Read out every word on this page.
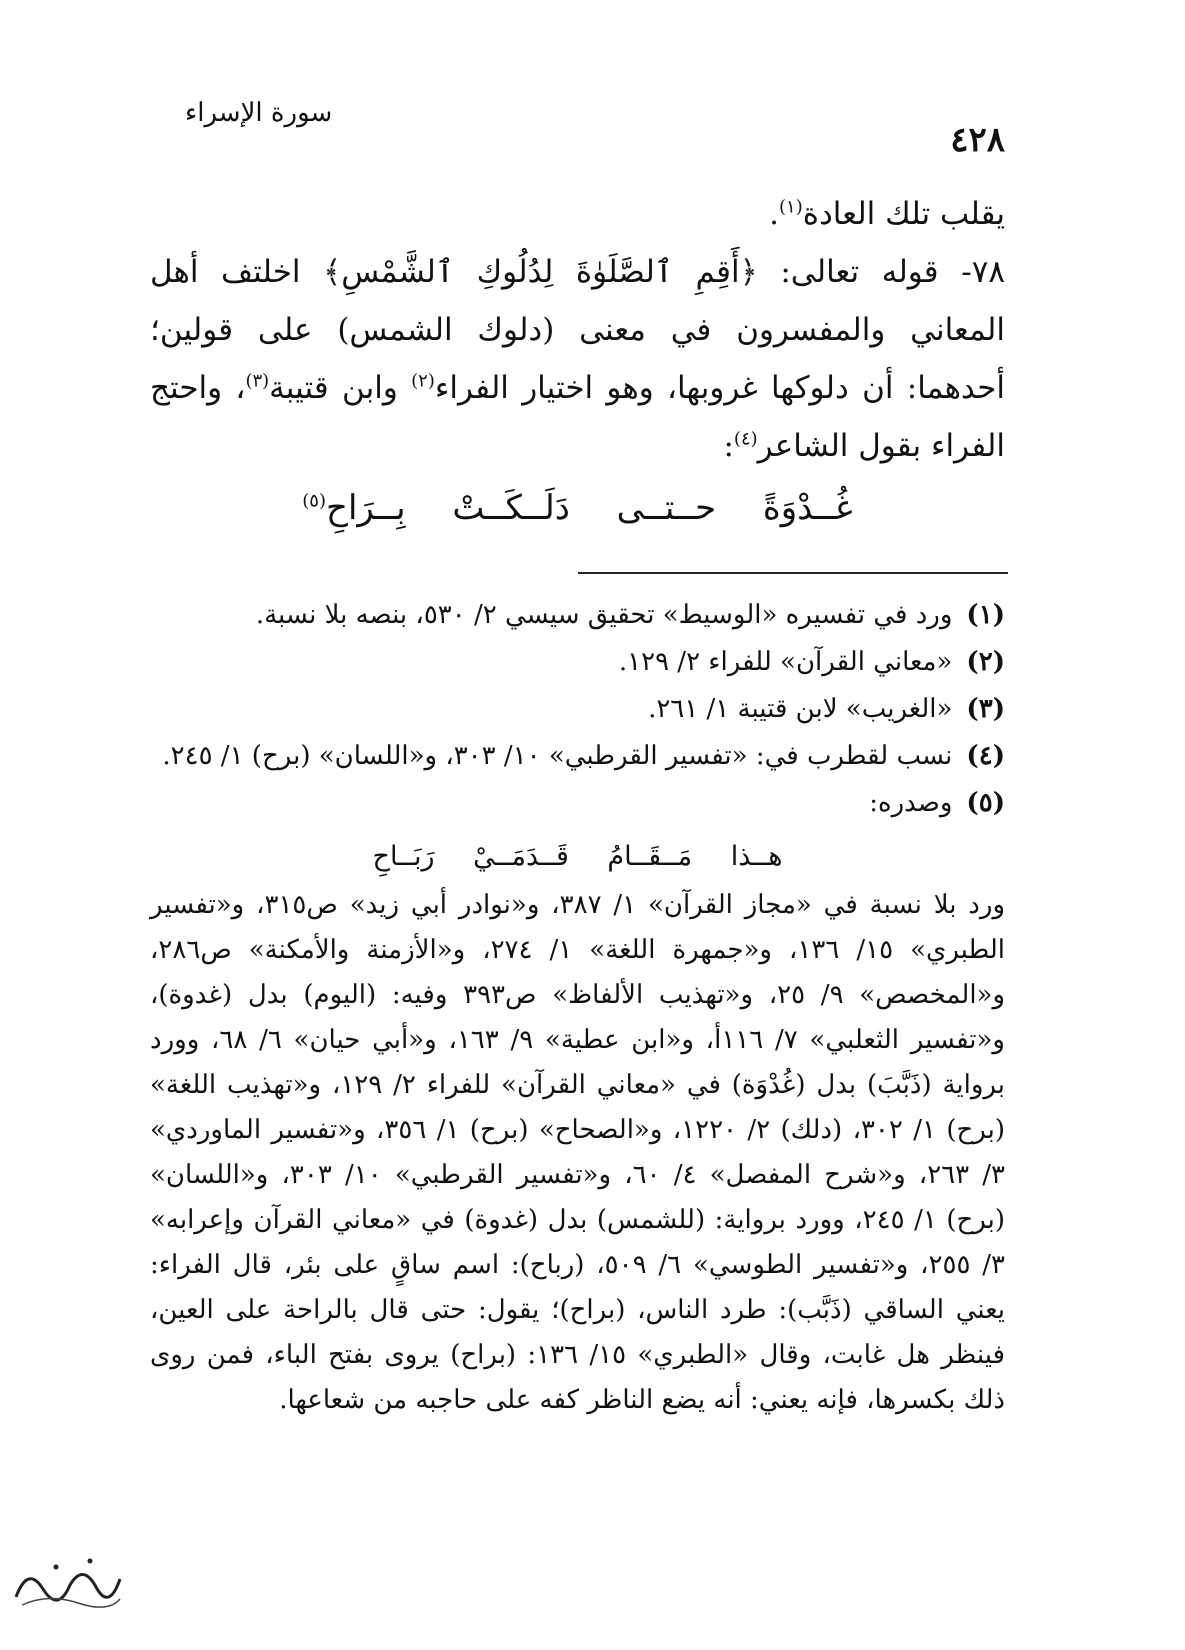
٤٢٨
سورة الإسراء

يقلب تلك العادة$^{(١)}$.

٧٨- قوله تعالى: ﴿أَقِمِ ٱلصَّلَوٰةَ لِدُلُوكِ ٱلشَّمْسِ﴾ اخلتف أهل المعاني والمفسرون في معنى (دلوك الشمس) على قولين؛ أحدهما: أن دلوكها غروبها، وهو اختيار الفراء$^{(٢)}$ وابن قتيبة$^{(٣)}$، واحتج الفراء بقول الشاعر$^{(٤)}$:

غُــدْوَةً حــتــى دَلَــكَــتْ بِــرَاحِ$^{(٥)}$

(١)ورد في تفسيره «الوسيط» تحقيق سيسي ٢/ ٥٣٠، بنصه بلا نسبة.

(٢)«معاني القرآن» للفراء ٢/ ١٢٩.

(٣)«الغريب» لابن قتيبة ١/ ٢٦١.

(٤)نسب لقطرب في: «تفسير القرطبي» ١٠/ ٣٠٣، و«اللسان» (برح) ١/ ٢٤٥.

(٥)وصدره:

هــذا مَــقَــامُ قَــدَمَــيْ رَبَــاحِ

ورد بلا نسبة في «مجاز القرآن» ١/ ٣٨٧، و«نوادر أبي زيد» ص٣١٥، و«تفسير الطبري» ١٥/ ١٣٦، و«جمهرة اللغة» ١/ ٢٧٤، و«الأزمنة والأمكنة» ص٢٨٦، و«المخصص» ٩/ ٢٥، و«تهذيب الألفاظ» ص٣٩٣ وفيه: (اليوم) بدل (غدوة)، و«تفسير الثعلبي» ٧/ ١١٦أ، و«ابن عطية» ٩/ ١٦٣، و«أبي حيان» ٦/ ٦٨، وورد برواية (ذَبَّبَ) بدل (غُدْوَة) في «معاني القرآن» للفراء ٢/ ١٢٩، و«تهذيب اللغة» (برح) ١/ ٣٠٢، (دلك) ٢/ ١٢٢٠، و«الصحاح» (برح) ١/ ٣٥٦، و«تفسير الماوردي» ٣/ ٢٦٣، و«شرح المفصل» ٤/ ٦٠، و«تفسير القرطبي» ١٠/ ٣٠٣، و«اللسان» (برح) ١/ ٢٤٥، وورد برواية: (للشمس) بدل (غدوة) في «معاني القرآن وإعرابه» ٣/ ٢٥٥، و«تفسير الطوسي» ٦/ ٥٠٩، (رباح): اسم ساقٍ على بئر، قال الفراء: يعني الساقي (ذَبَّب): طرد الناس، (براح)؛ يقول: حتى قال بالراحة على العين، فينظر هل غابت، وقال «الطبري» ١٥/ ١٣٦: (براح) يروى بفتح الباء، فمن روى ذلك بكسرها، فإنه يعني: أنه يضع الناظر كفه على حاجبه من شعاعها.
